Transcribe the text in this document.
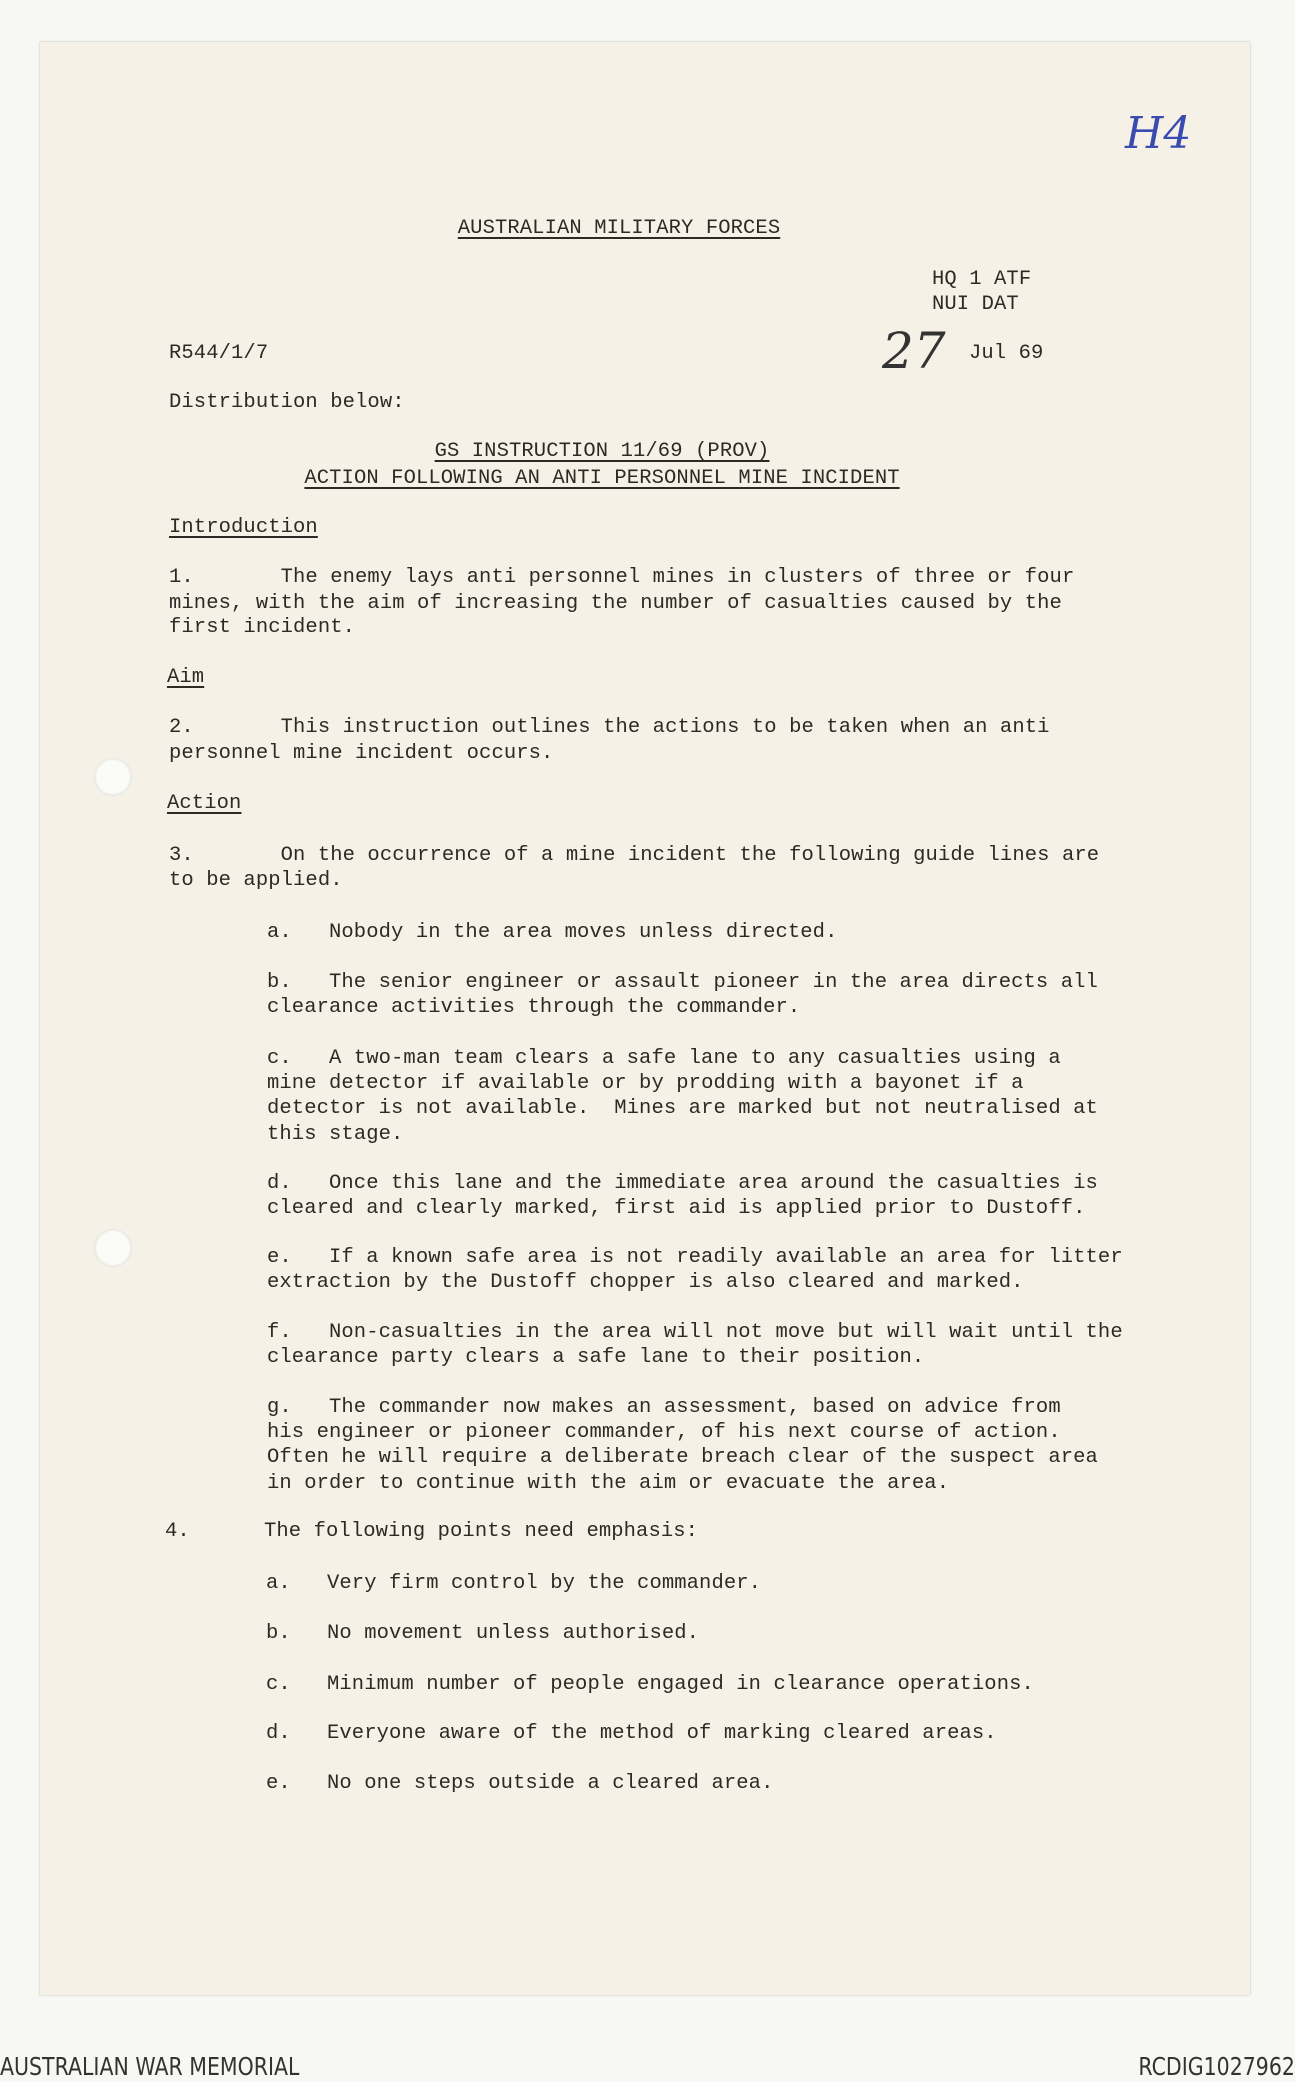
H4
27
AUSTRALIAN MILITARY FORCES
HQ 1 ATF
NUI DAT
R544/1/7	Jul 69
Distribution below:
GS INSTRUCTION 11/69 (PROV)
ACTION FOLLOWING AN ANTI PERSONNEL MINE INCIDENT
Introduction
1.       The enemy lays anti personnel mines in clusters of three or four
mines, with the aim of increasing the number of casualties caused by the
first incident.
Aim
2.       This instruction outlines the actions to be taken when an anti
personnel mine incident occurs.
Action
3.       On the occurrence of a mine incident the following guide lines are
to be applied.
a. Nobody in the area moves unless directed.
b. The senior engineer or assault pioneer in the area directs all
clearance activities through the commander.
c. A two-man team clears a safe lane to any casualties using a
mine detector if available or by prodding with a bayonet if a
detector is not available.  Mines are marked but not neutralised at
this stage.
d. Once this lane and the immediate area around the casualties is
cleared and clearly marked, first aid is applied prior to Dustoff.
e. If a known safe area is not readily available an area for litter
extraction by the Dustoff chopper is also cleared and marked.
f. Non-casualties in the area will not move but will wait until the
clearance party clears a safe lane to their position.
g. The commander now makes an assessment, based on advice from
his engineer or pioneer commander, of his next course of action.
Often he will require a deliberate breach clear of the suspect area
in order to continue with the aim or evacuate the area.
4.	The following points need emphasis:
a. Very firm control by the commander.
b. No movement unless authorised.
c. Minimum number of people engaged in clearance operations.
d. Everyone aware of the method of marking cleared areas.
e. No one steps outside a cleared area.
AUSTRALIAN WAR MEMORIAL	RCDIG1027962
